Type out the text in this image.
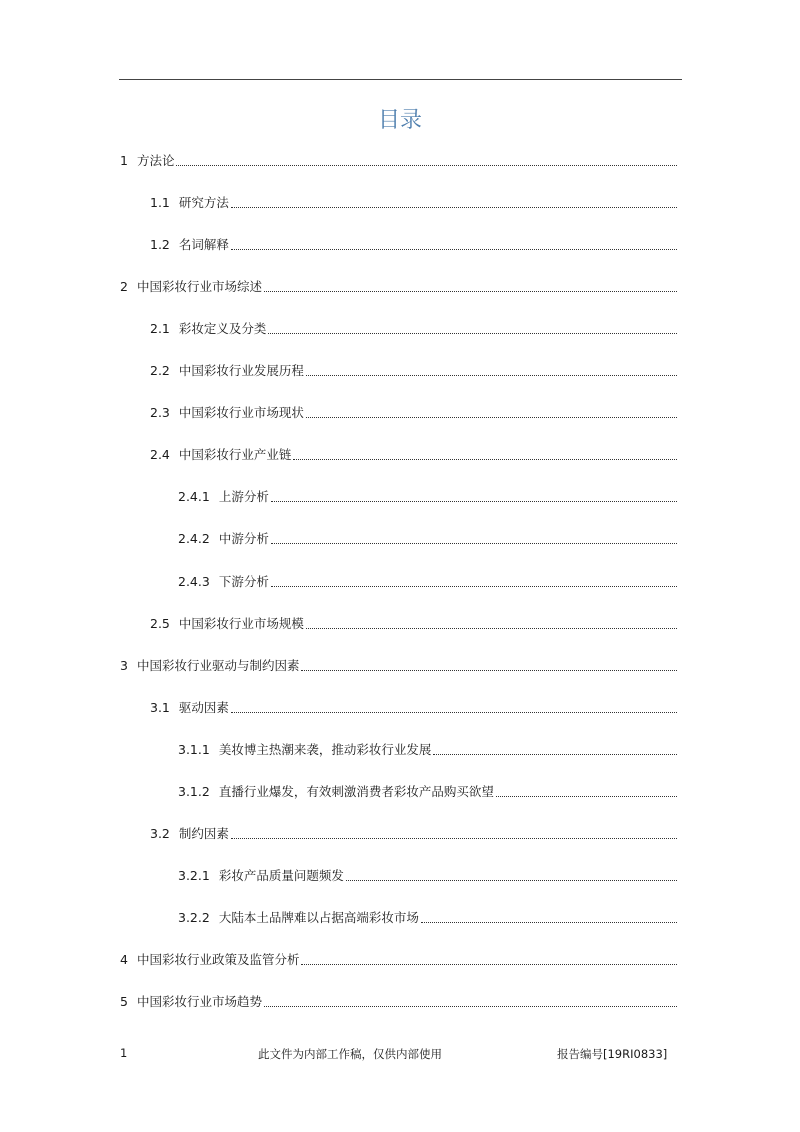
目录
1 方法论
1.1 研究方法
1.2 名词解释
2 中国彩妆行业市场综述
2.1 彩妆定义及分类
2.2 中国彩妆行业发展历程
2.3 中国彩妆行业市场现状
2.4 中国彩妆行业产业链
2.4.1 上游分析
2.4.2 中游分析
2.4.3 下游分析
2.5 中国彩妆行业市场规模
3 中国彩妆行业驱动与制约因素
3.1 驱动因素
3.1.1 美妆博主热潮来袭，推动彩妆行业发展
3.1.2 直播行业爆发，有效刺激消费者彩妆产品购买欲望
3.2 制约因素
3.2.1 彩妆产品质量问题频发
3.2.2 大陆本土品牌难以占据高端彩妆市场
4 中国彩妆行业政策及监管分析
5 中国彩妆行业市场趋势
1	此文件为内部工作稿，仅供内部使用	报告编号[19RI0833]
